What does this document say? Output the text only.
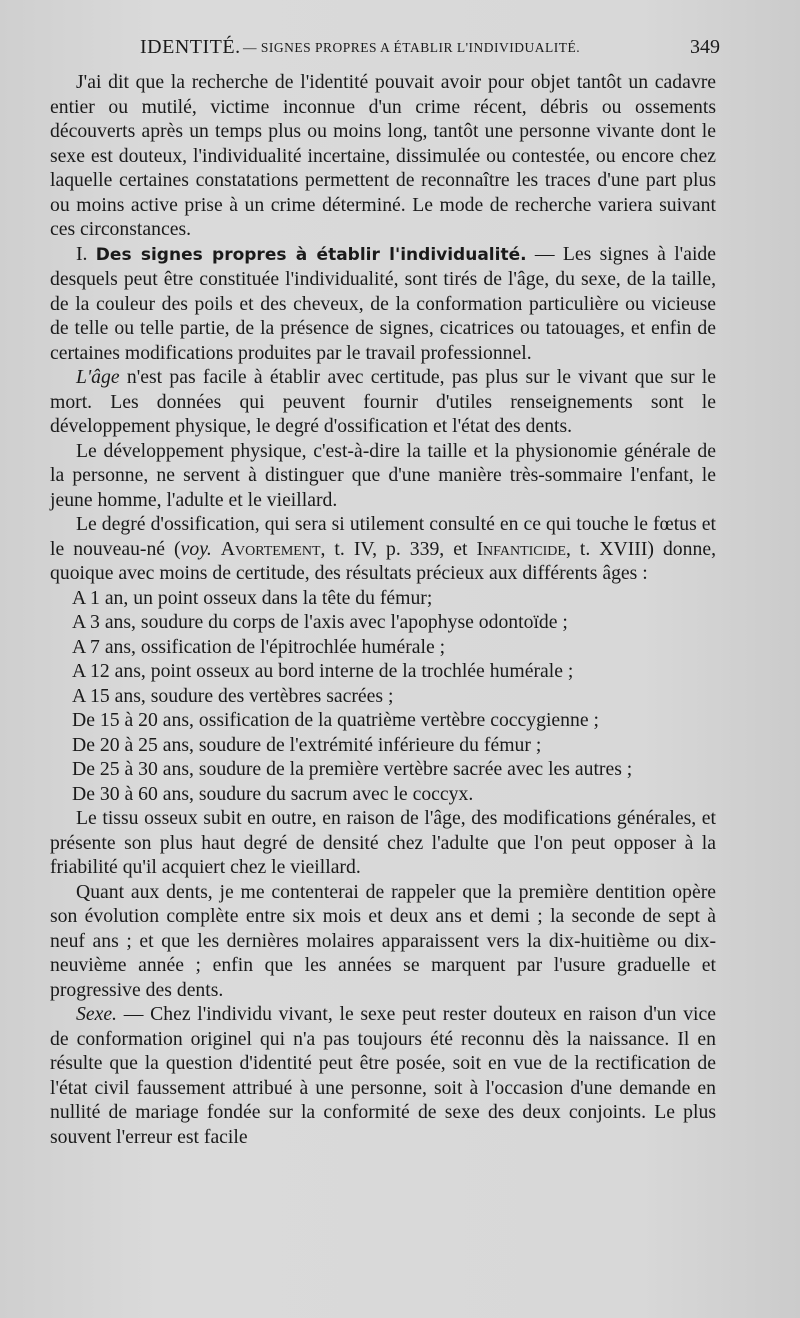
IDENTITÉ. — SIGNES PROPRES A ÉTABLIR L'INDIVIDUALITÉ.	349

J'ai dit que la recherche de l'identité pouvait avoir pour objet tantôt un cadavre entier ou mutilé, victime inconnue d'un crime récent, débris ou ossements découverts après un temps plus ou moins long, tantôt une personne vivante dont le sexe est douteux, l'individualité incertaine, dissimulée ou contestée, ou encore chez laquelle certaines constatations permettent de reconnaître les traces d'une part plus ou moins active prise à un crime déterminé. Le mode de recherche variera suivant ces circonstances.

I. Des signes propres à établir l'individualité. — Les signes à l'aide desquels peut être constituée l'individualité, sont tirés de l'âge, du sexe, de la taille, de la couleur des poils et des cheveux, de la conformation particulière ou vicieuse de telle ou telle partie, de la présence de signes, cicatrices ou tatouages, et enfin de certaines modifications produites par le travail professionnel.

L'âge n'est pas facile à établir avec certitude, pas plus sur le vivant que sur le mort. Les données qui peuvent fournir d'utiles renseignements sont le développement physique, le degré d'ossification et l'état des dents.

Le développement physique, c'est-à-dire la taille et la physionomie générale de la personne, ne servent à distinguer que d'une manière très-sommaire l'enfant, le jeune homme, l'adulte et le vieillard.

Le degré d'ossification, qui sera si utilement consulté en ce qui touche le fœtus et le nouveau-né (voy. Avortement, t. IV, p. 339, et Infanticide, t. XVIII) donne, quoique avec moins de certitude, des résultats précieux aux différents âges :

A 1 an, un point osseux dans la tête du fémur;
A 3 ans, soudure du corps de l'axis avec l'apophyse odontoïde ;
A 7 ans, ossification de l'épitrochlée humérale ;
A 12 ans, point osseux au bord interne de la trochlée humérale ;
A 15 ans, soudure des vertèbres sacrées ;
De 15 à 20 ans, ossification de la quatrième vertèbre coccygienne ;
De 20 à 25 ans, soudure de l'extrémité inférieure du fémur ;
De 25 à 30 ans, soudure de la première vertèbre sacrée avec les autres ;
De 30 à 60 ans, soudure du sacrum avec le coccyx.

Le tissu osseux subit en outre, en raison de l'âge, des modifications générales, et présente son plus haut degré de densité chez l'adulte que l'on peut opposer à la friabilité qu'il acquiert chez le vieillard.

Quant aux dents, je me contenterai de rappeler que la première dentition opère son évolution complète entre six mois et deux ans et demi ; la seconde de sept à neuf ans ; et que les dernières molaires apparaissent vers la dix-huitième ou dix-neuvième année ; enfin que les années se marquent par l'usure graduelle et progressive des dents.

Sexe. — Chez l'individu vivant, le sexe peut rester douteux en raison d'un vice de conformation originel qui n'a pas toujours été reconnu dès la naissance. Il en résulte que la question d'identité peut être posée, soit en vue de la rectification de l'état civil faussement attribué à une personne, soit à l'occasion d'une demande en nullité de mariage fondée sur la conformité de sexe des deux conjoints. Le plus souvent l'erreur est facile
